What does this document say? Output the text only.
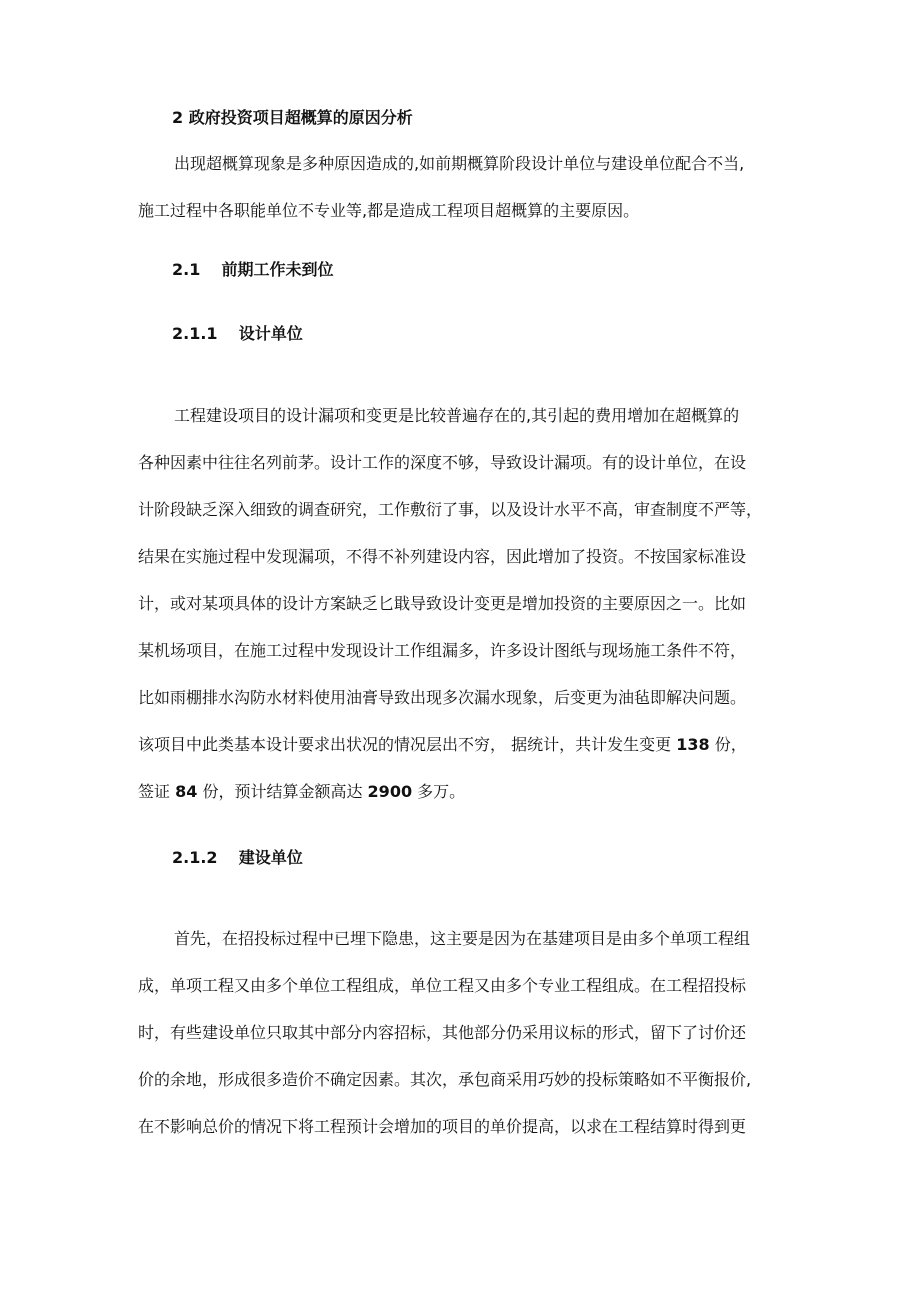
2 政府投资项目超概算的原因分析
出现超概算现象是多种原因造成的,如前期概算阶段设计单位与建设单位配合不当,
施工过程中各职能单位不专业等,都是造成工程项目超概算的主要原因。
2.1 前期工作未到位
2.1.1 设计单位
工程建设项目的设计漏项和变更是比较普遍存在的,其引起的费用增加在超概算的
各种因素中往往名列前茅。设计工作的深度不够，导致设计漏项。有的设计单位，在设
计阶段缺乏深入细致的调查研究，工作敷衍了事，以及设计水平不高，审查制度不严等，
结果在实施过程中发现漏项，不得不补列建设内容，因此增加了投资。不按国家标准设
计，或对某项具体的设计方案缺乏匕戢导致设计变更是增加投资的主要原因之一。比如
某机场项目，在施工过程中发现设计工作组漏多，许多设计图纸与现场施工条件不符，
比如雨棚排水沟防水材料使用油膏导致出现多次漏水现象，后变更为油毡即解决问题。
该项目中此类基本设计要求出状况的情况层出不穷， 据统计，共计发生变更 138 份，
签证 84 份，预计结算金额高达 2900 多万。
2.1.2 建设单位
首先，在招投标过程中已埋下隐患，这主要是因为在基建项目是由多个单项工程组
成，单项工程又由多个单位工程组成，单位工程又由多个专业工程组成。在工程招投标
时，有些建设单位只取其中部分内容招标，其他部分仍采用议标的形式，留下了讨价还
价的余地，形成很多造价不确定因素。其次，承包商采用巧妙的投标策略如不平衡报价,
在不影响总价的情况下将工程预计会增加的项目的单价提高，以求在工程结算时得到更
